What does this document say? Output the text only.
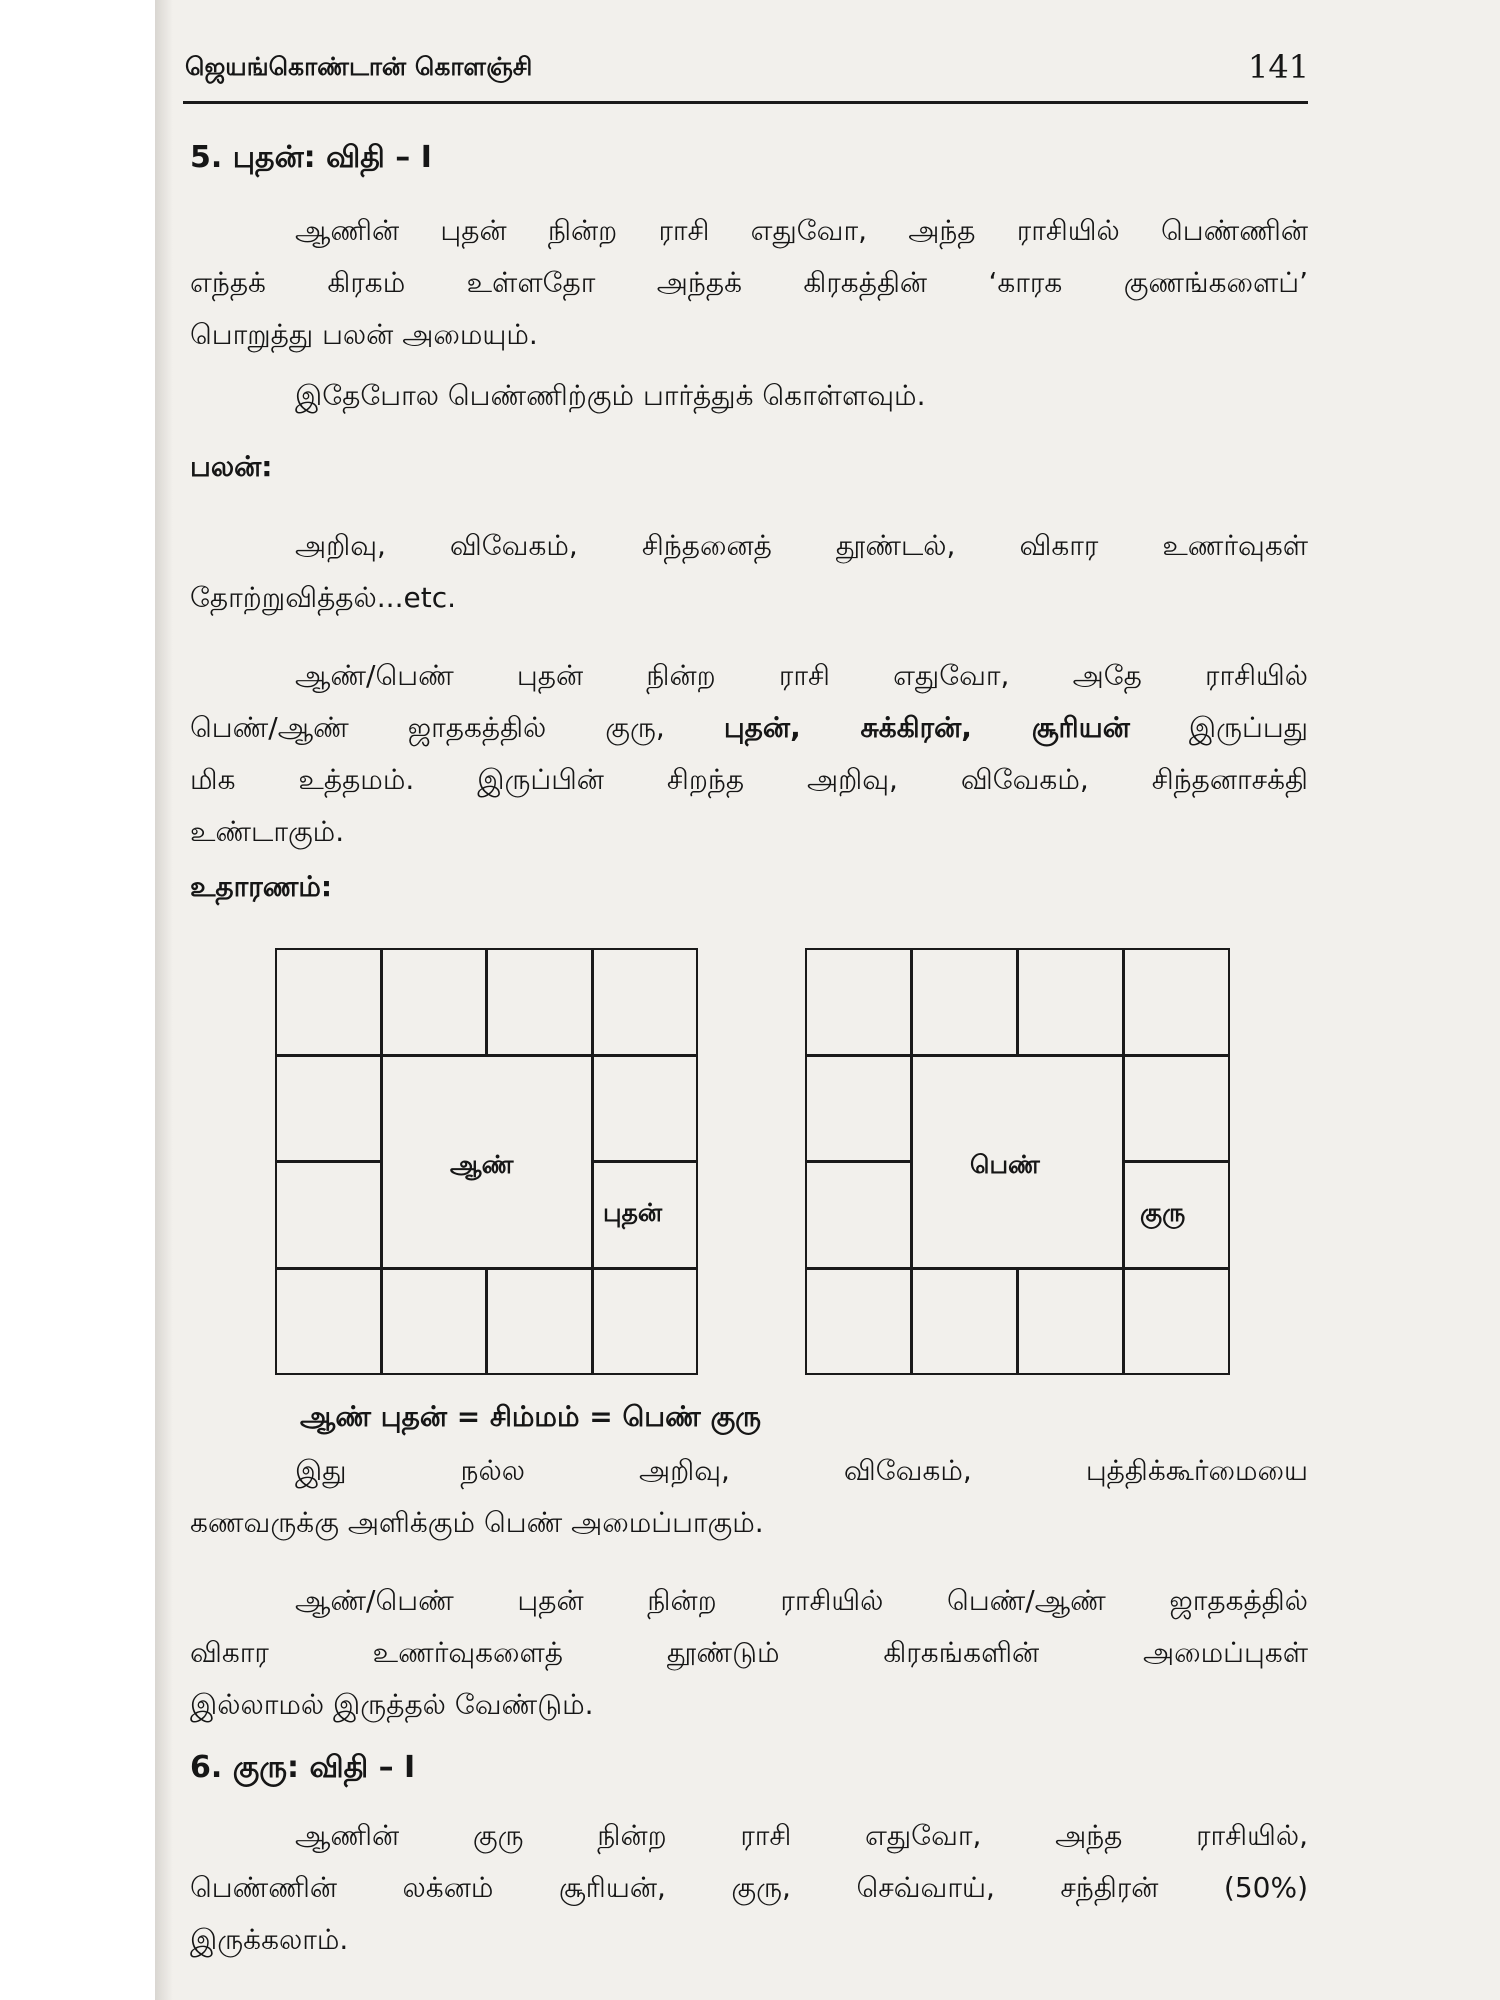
ஜெயங்கொண்டான் கொளஞ்சி	141
5. புதன்: விதி – I
ஆணின் புதன் நின்ற ராசி எதுவோ, அந்த ராசியில் பெண்ணின்
எந்தக் கிரகம் உள்ளதோ அந்தக் கிரகத்தின் ‘காரக குணங்களைப்’
பொறுத்து பலன் அமையும்.
இதேபோல பெண்ணிற்கும் பார்த்துக் கொள்ளவும்.
பலன்:
அறிவு, விவேகம், சிந்தனைத் தூண்டல், விகார உணர்வுகள்
தோற்றுவித்தல்...etc.
ஆண்/பெண் புதன் நின்ற ராசி எதுவோ, அதே ராசியில்
பெண்/ஆண் ஜாதகத்தில் குரு, புதன், சுக்கிரன், சூரியன் இருப்பது
மிக உத்தமம். இருப்பின் சிறந்த அறிவு, விவேகம், சிந்தனாசக்தி
உண்டாகும்.
உதாரணம்:
ஆண்
புதன்
பெண்
குரு
ஆண் புதன் = சிம்மம் = பெண் குரு
இது நல்ல அறிவு, விவேகம், புத்திக்கூர்மையை
கணவருக்கு அளிக்கும் பெண் அமைப்பாகும்.
ஆண்/பெண் புதன் நின்ற ராசியில் பெண்/ஆண் ஜாதகத்தில்
விகார உணர்வுகளைத் தூண்டும் கிரகங்களின் அமைப்புகள்
இல்லாமல் இருத்தல் வேண்டும்.
6. குரு: விதி – I
ஆணின் குரு நின்ற ராசி எதுவோ, அந்த ராசியில்,
பெண்ணின் லக்னம் சூரியன், குரு, செவ்வாய், சந்திரன் (50%)
இருக்கலாம்.
